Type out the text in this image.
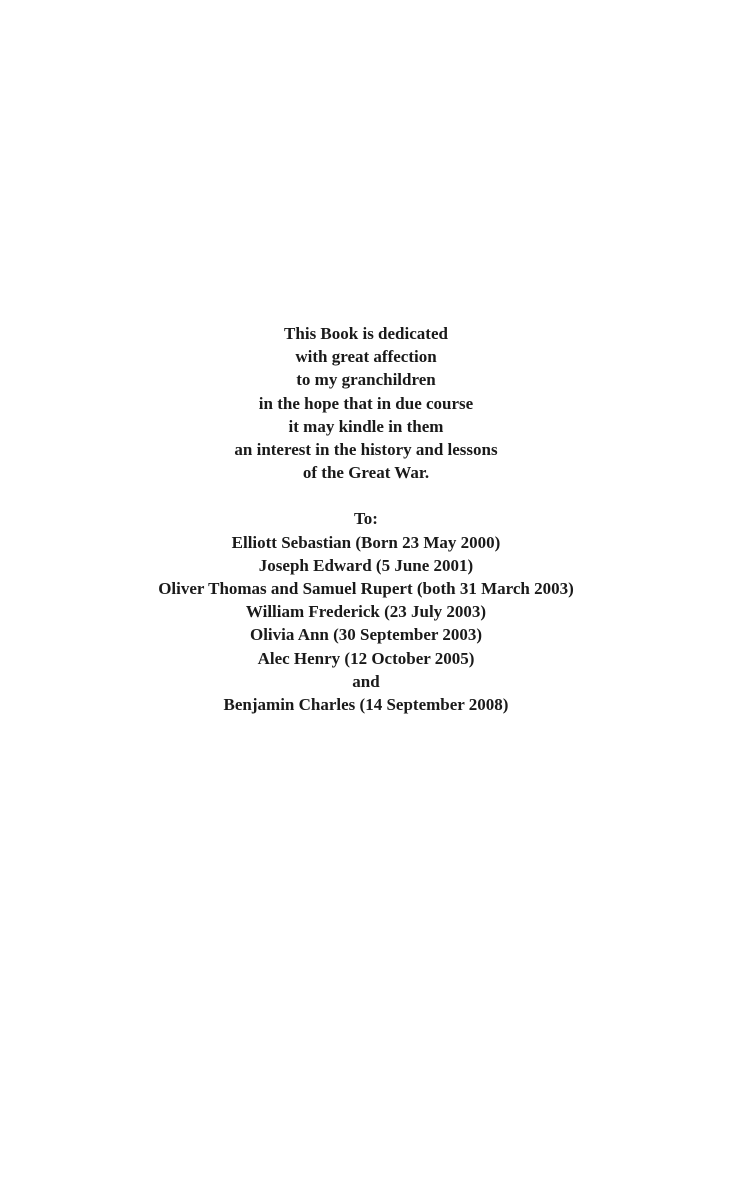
This Book is dedicated
with great affection
to my granchildren
in the hope that in due course
it may kindle in them
an interest in the history and lessons
of the Great War.
To:
Elliott Sebastian (Born 23 May 2000)
Joseph Edward (5 June 2001)
Oliver Thomas and Samuel Rupert (both 31 March 2003)
William Frederick (23 July 2003)
Olivia Ann (30 September 2003)
Alec Henry (12 October 2005)
and
Benjamin Charles (14 September 2008)
